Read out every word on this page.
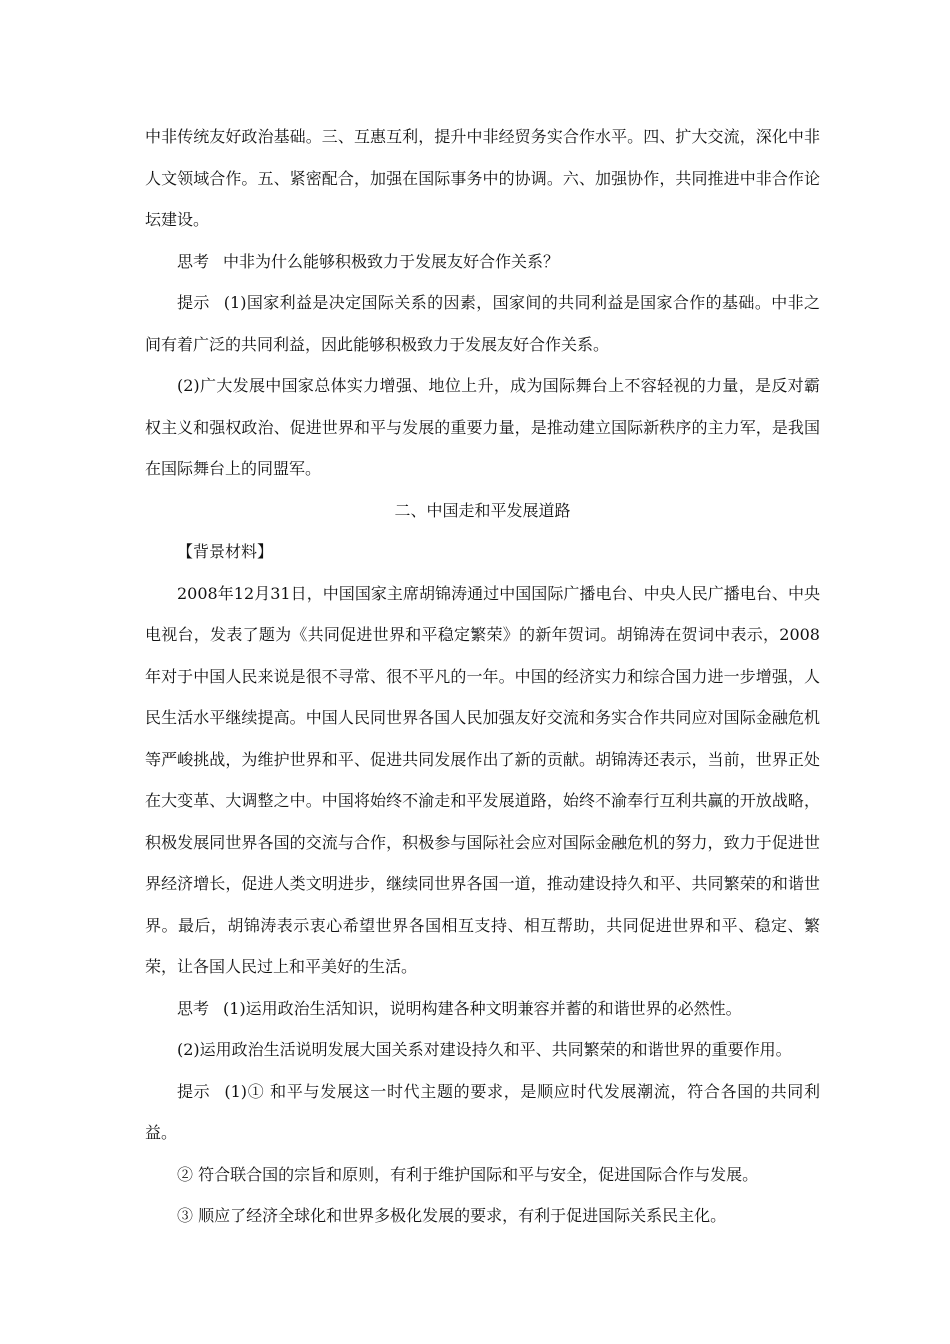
中非传统友好政治基础。三、互惠互利，提升中非经贸务实合作水平。四、扩大交流，深化中非人文领域合作。五、紧密配合，加强在国际事务中的协调。六、加强协作，共同推进中非合作论坛建设。

思考 中非为什么能够积极致力于发展友好合作关系？

提示 (1)国家利益是决定国际关系的因素，国家间的共同利益是国家合作的基础。中非之间有着广泛的共同利益，因此能够积极致力于发展友好合作关系。

(2)广大发展中国家总体实力增强、地位上升，成为国际舞台上不容轻视的力量，是反对霸权主义和强权政治、促进世界和平与发展的重要力量，是推动建立国际新秩序的主力军，是我国在国际舞台上的同盟军。

二、中国走和平发展道路

【背景材料】

2008年12月31日，中国国家主席胡锦涛通过中国国际广播电台、中央人民广播电台、中央电视台，发表了题为《共同促进世界和平稳定繁荣》的新年贺词。胡锦涛在贺词中表示，2008年对于中国人民来说是很不寻常、很不平凡的一年。中国的经济实力和综合国力进一步增强，人民生活水平继续提高。中国人民同世界各国人民加强友好交流和务实合作共同应对国际金融危机等严峻挑战，为维护世界和平、促进共同发展作出了新的贡献。胡锦涛还表示，当前，世界正处在大变革、大调整之中。中国将始终不渝走和平发展道路，始终不渝奉行互利共赢的开放战略，积极发展同世界各国的交流与合作，积极参与国际社会应对国际金融危机的努力，致力于促进世界经济增长，促进人类文明进步，继续同世界各国一道，推动建设持久和平、共同繁荣的和谐世界。最后，胡锦涛表示衷心希望世界各国相互支持、相互帮助，共同促进世界和平、稳定、繁荣，让各国人民过上和平美好的生活。

思考 (1)运用政治生活知识，说明构建各种文明兼容并蓄的和谐世界的必然性。

(2)运用政治生活说明发展大国关系对建设持久和平、共同繁荣的和谐世界的重要作用。

提示 (1)① 和平与发展这一时代主题的要求，是顺应时代发展潮流，符合各国的共同利益。

② 符合联合国的宗旨和原则，有利于维护国际和平与安全，促进国际合作与发展。

③ 顺应了经济全球化和世界多极化发展的要求，有利于促进国际关系民主化。
